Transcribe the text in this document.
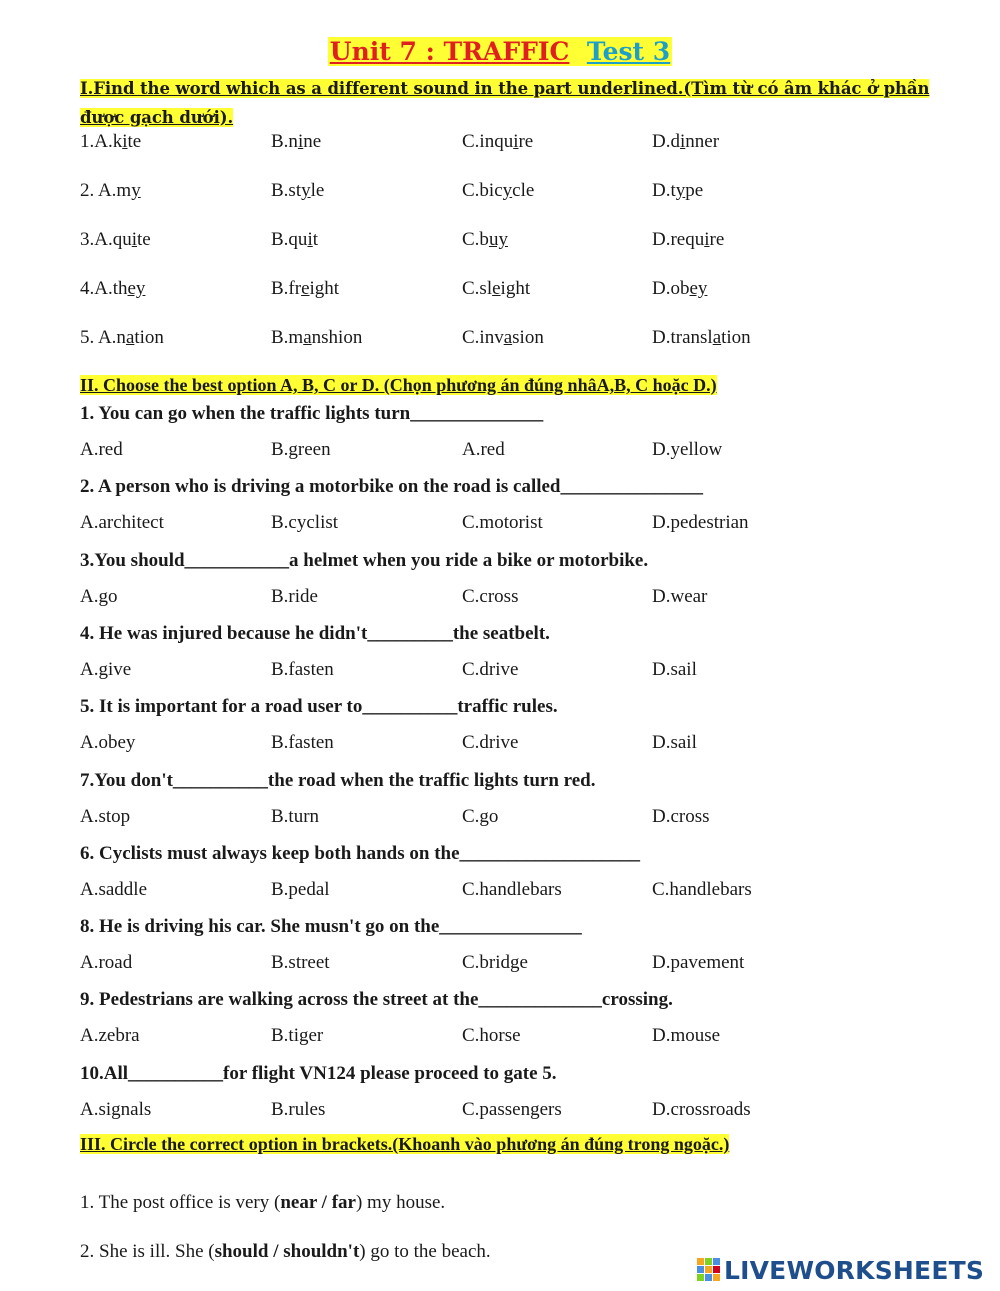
Unit 7 : TRAFFIC Test 3
I.Find the word which as a different sound in the part underlined.(Tìm từ có âm khác ở phần được gạch dưới).
1.A.kite	B.nine	C.inquire	D.dinner
2. A.my	B.style	C.bicycle	D.type
3.A.quite	B.quit	C.buy	D.require
4.A.they	B.freight	C.sleight	D.obey
5. A.nation	B.manshion	C.invasion	D.translation
II. Choose the best option A, B, C or D. (Chọn phương án đúng nhâA,B, C hoặc D.)
1. You can go when the traffic lights turn______________
A.red	B.green	A.red	D.yellow
2. A person who is driving a motorbike on the road is called_______________
A.architect	B.cyclist	C.motorist	D.pedestrian
3.You should___________a helmet when you ride a bike or motorbike.
A.go	B.ride	C.cross	D.wear
4. He was injured because he didn't_________the seatbelt.
A.give	B.fasten	C.drive	D.sail
5. It is important for a road user to__________traffic rules.
A.obey	B.fasten	C.drive	D.sail
7.You don't__________the road when the traffic lights turn red.
A.stop	B.turn	C.go	D.cross
6. Cyclists must always keep both hands on the___________________
A.saddle	B.pedal	C.handlebars	C.handlebars
8. He is driving his car. She musn't go on the_______________
A.road	B.street	C.bridge	D.pavement
9. Pedestrians are walking across the street at the_____________crossing.
A.zebra	B.tiger	C.horse	D.mouse
10.All__________for flight VN124 please proceed to gate 5.
A.signals	B.rules	C.passengers	D.crossroads
III. Circle the correct option in brackets.(Khoanh vào phương án đúng trong ngoặc.)
1. The post office is very (near / far) my house.
2. She is ill. She (should / shouldn't) go to the beach.
LIVEWORKSHEETS
